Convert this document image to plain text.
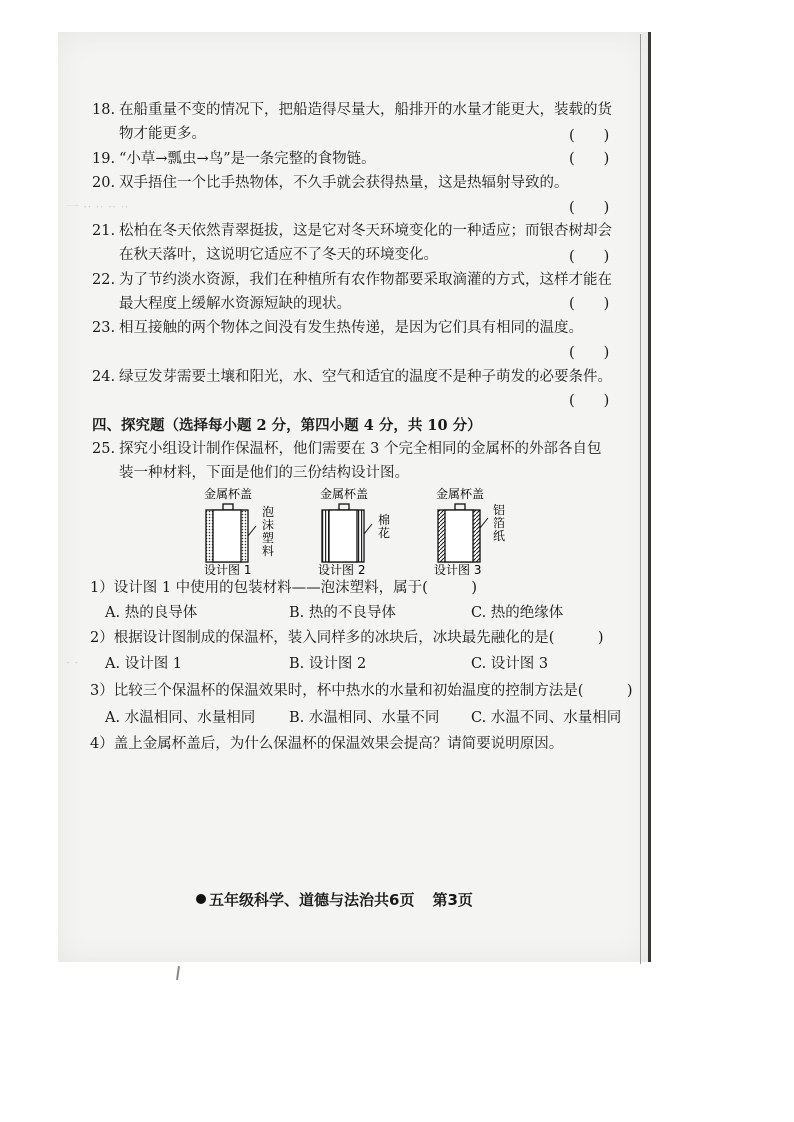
一 ·· ·· ·· ··
· ·
18. 在船重量不变的情况下，把船造得尽量大，船排开的水量才能更大，装载的货
物才能更多。	(　　)
19. “小草→瓢虫→鸟”是一条完整的食物链。	(　　)
20. 双手捂住一个比手热物体，不久手就会获得热量，这是热辐射导致的。
(　　)
21. 松柏在冬天依然青翠挺拔，这是它对冬天环境变化的一种适应；而银杏树却会
在秋天落叶，这说明它适应不了冬天的环境变化。	(　　)
22. 为了节约淡水资源，我们在种植所有农作物都要采取滴灌的方式，这样才能在
最大程度上缓解水资源短缺的现状。	(　　)
23. 相互接触的两个物体之间没有发生热传递，是因为它们具有相同的温度。
(　　)
24. 绿豆发芽需要土壤和阳光，水、空气和适宜的温度不是种子萌发的必要条件。
(　　)
四、探究题（选择每小题 2 分，第四小题 4 分，共 10 分）
25. 探究小组设计制作保温杯，他们需要在 3 个完全相同的金属杯的外部各自包
装一种材料，下面是他们的三份结构设计图。
金属杯盖
设计图 1
金属杯盖
设计图 2
金属杯盖
设计图 3
泡沫塑料
棉花
铝箔纸
1）设计图 1 中使用的包装材料——泡沫塑料，属于(　　　)
A. 热的良导体	B. 热的不良导体	C. 热的绝缘体
2）根据设计图制成的保温杯，装入同样多的冰块后，冰块最先融化的是(　　　)
A. 设计图 1	B. 设计图 2	C. 设计图 3
3）比较三个保温杯的保温效果时，杯中热水的水量和初始温度的控制方法是(　　　)
A. 水温相同、水量相同 B. 水温相同、水量不同 C. 水温不同、水量相同
4）盖上金属杯盖后，为什么保温杯的保温效果会提高？请简要说明原因。
五年级科学、道德与法治共6页 第3页
